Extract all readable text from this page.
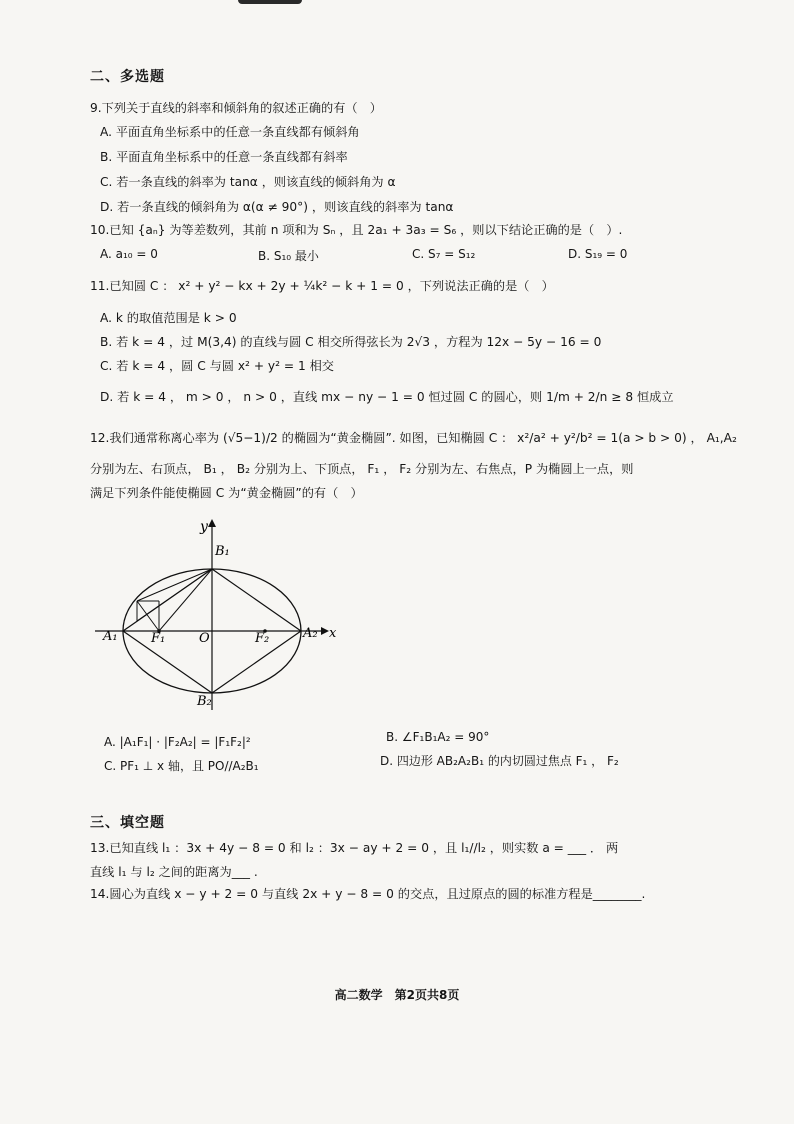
二、多选题
9.下列关于直线的斜率和倾斜角的叙述正确的有（　）
A. 平面直角坐标系中的任意一条直线都有倾斜角
B. 平面直角坐标系中的任意一条直线都有斜率
C. 若一条直线的斜率为 tanα ，则该直线的倾斜角为 α
D. 若一条直线的倾斜角为 α(α ≠ 90°) ，则该直线的斜率为 tanα
10.已知 {aₙ} 为等差数列，其前 n 项和为 Sₙ ，且 2a₁ + 3a₃ = S₆ ，则以下结论正确的是（　）.
A. a₁₀ = 0	B. S₁₀ 最小	C. S₇ = S₁₂	D. S₁₉ = 0
11.已知圆 C ： x² + y² − kx + 2y + ¼k² − k + 1 = 0 ，下列说法正确的是（　）
A. k 的取值范围是 k > 0
B. 若 k = 4 ，过 M(3,4) 的直线与圆 C 相交所得弦长为 2√3 ，方程为 12x − 5y − 16 = 0
C. 若 k = 4 ，圆 C 与圆 x² + y² = 1 相交
D. 若 k = 4 ， m > 0 ， n > 0 ，直线 mx − ny − 1 = 0 恒过圆 C 的圆心，则 1/m + 2/n ≥ 8 恒成立
12.我们通常称离心率为 (√5−1)/2 的椭圆为“黄金椭圆”. 如图，已知椭圆 C ： x²/a² + y²/b² = 1(a > b > 0) ， A₁,A₂
分别为左、右顶点， B₁ ， B₂ 分别为上、下顶点， F₁ ， F₂ 分别为左、右焦点，P 为椭圆上一点，则
满足下列条件能使椭圆 C 为“黄金椭圆”的有（　）
y
B₁
B₂
A₁	A₂
F₁	F₂
O	x
A. |A₁F₁| · |F₂A₂| = |F₁F₂|²	B. ∠F₁B₁A₂ = 90°
C. PF₁ ⊥ x 轴，且 PO//A₂B₁	D. 四边形 AB₂A₂B₁ 的内切圆过焦点 F₁ ， F₂
三、填空题
13.已知直线 l₁ ：3x + 4y − 8 = 0 和 l₂ ：3x − ay + 2 = 0 ，且 l₁//l₂ ，则实数 a = ___ ． 两
直线 l₁ 与 l₂ 之间的距离为___ .
14.圆心为直线 x − y + 2 = 0 与直线 2x + y − 8 = 0 的交点，且过原点的圆的标准方程是________.
高二数学　第2页共8页
